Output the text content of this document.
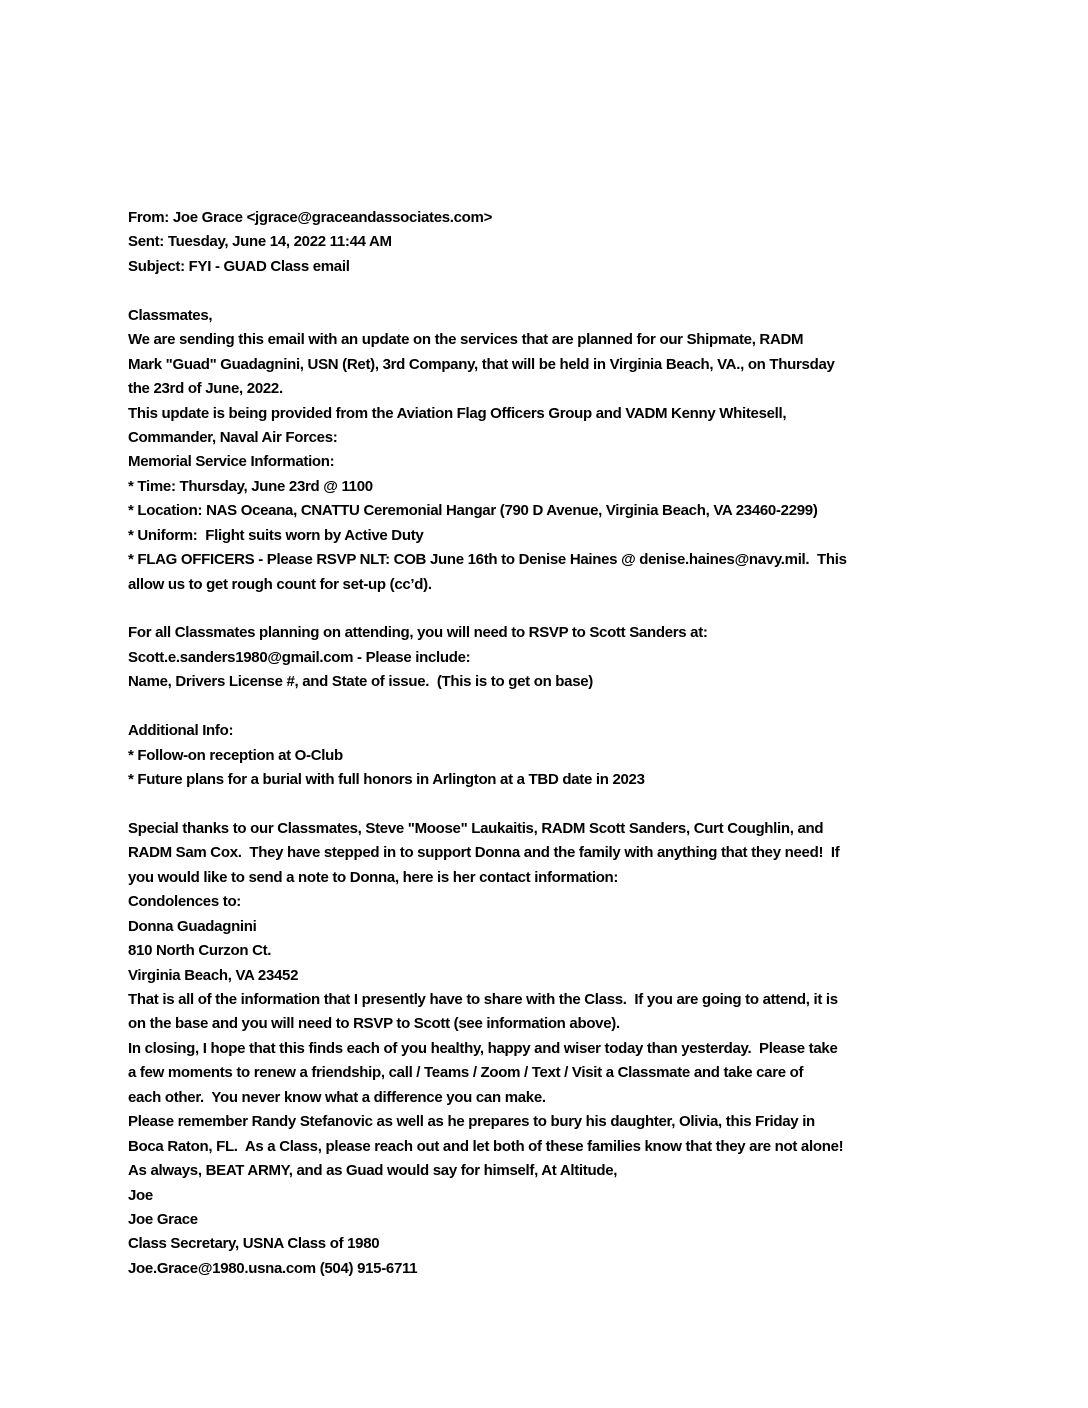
From: Joe Grace <jgrace@graceandassociates.com>
Sent: Tuesday, June 14, 2022 11:44 AM
Subject: FYI - GUAD Class email
Classmates,
We are sending this email with an update on the services that are planned for our Shipmate, RADM
Mark "Guad" Guadagnini, USN (Ret), 3rd Company, that will be held in Virginia Beach, VA., on Thursday
the 23rd of June, 2022.
This update is being provided from the Aviation Flag Officers Group and VADM Kenny Whitesell,
Commander, Naval Air Forces:
Memorial Service Information:
* Time: Thursday, June 23rd @ 1100
* Location: NAS Oceana, CNATTU Ceremonial Hangar (790 D Avenue, Virginia Beach, VA 23460-2299)
* Uniform:  Flight suits worn by Active Duty
* FLAG OFFICERS - Please RSVP NLT: COB June 16th to Denise Haines @ denise.haines@navy.mil.  This
allow us to get rough count for set-up (cc’d).
For all Classmates planning on attending, you will need to RSVP to Scott Sanders at:
Scott.e.sanders1980@gmail.com - Please include:
Name, Drivers License #, and State of issue.  (This is to get on base)
Additional Info:
* Follow-on reception at O-Club
* Future plans for a burial with full honors in Arlington at a TBD date in 2023
Special thanks to our Classmates, Steve "Moose" Laukaitis, RADM Scott Sanders, Curt Coughlin, and
RADM Sam Cox.  They have stepped in to support Donna and the family with anything that they need!  If
you would like to send a note to Donna, here is her contact information:
Condolences to:
Donna Guadagnini
810 North Curzon Ct.
Virginia Beach, VA 23452
That is all of the information that I presently have to share with the Class.  If you are going to attend, it is
on the base and you will need to RSVP to Scott (see information above).
In closing, I hope that this finds each of you healthy, happy and wiser today than yesterday.  Please take
a few moments to renew a friendship, call / Teams / Zoom / Text / Visit a Classmate and take care of
each other.  You never know what a difference you can make.
Please remember Randy Stefanovic as well as he prepares to bury his daughter, Olivia, this Friday in
Boca Raton, FL.  As a Class, please reach out and let both of these families know that they are not alone!
As always, BEAT ARMY, and as Guad would say for himself, At Altitude,
Joe
Joe Grace
Class Secretary, USNA Class of 1980
Joe.Grace@1980.usna.com (504) 915-6711
